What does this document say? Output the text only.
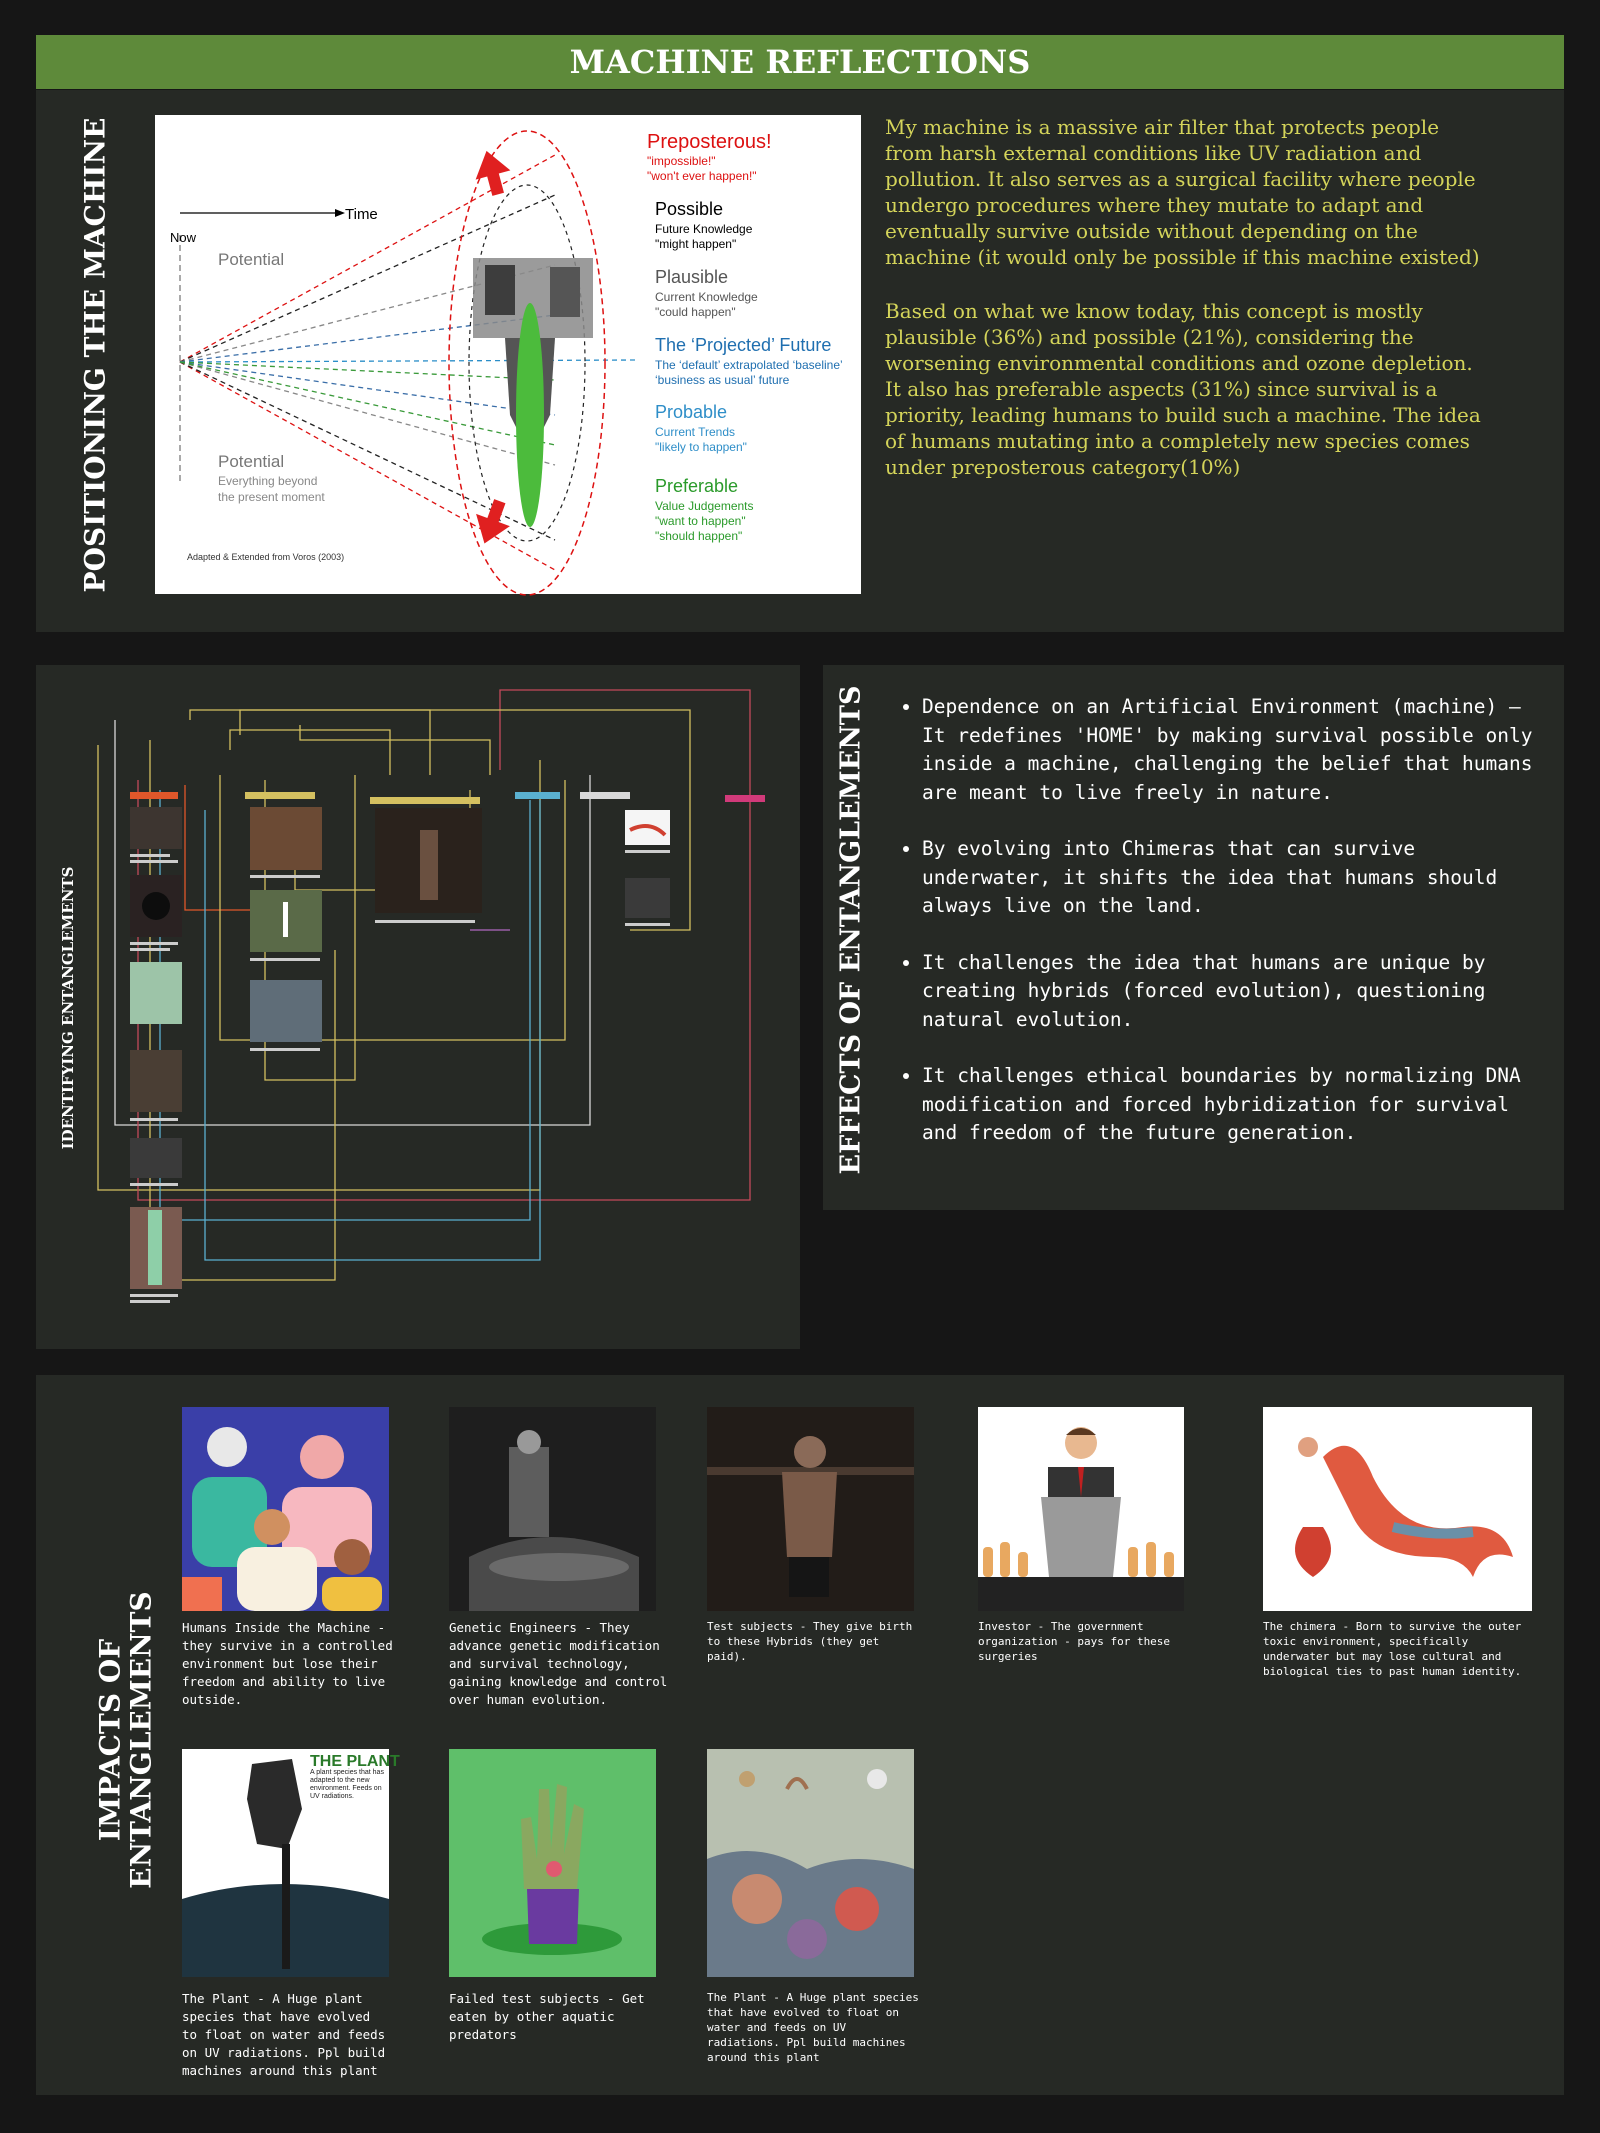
MACHINE REFLECTIONS
POSITIONING THE MACHINE	Now
Time
Potential
Potential
Everything beyond
the present moment
Preposterous!
"impossible!"
"won't ever happen!"
Possible
Future Knowledge
"might happen"
Plausible
Current Knowledge
"could happen"
The ‘Projected’ Future
The ‘default’ extrapolated ‘baseline’
‘business as usual’ future
Probable
Current Trends
"likely to happen"
Preferable
Value Judgements
"want to happen"
"should happen"
Adapted & Extended from Voros (2003)

My machine is a massive air filter that protects people from harsh external conditions like UV radiation and pollution. It also serves as a surgical facility where people undergo procedures where they mutate to adapt and eventually survive outside without depending on the machine (it would only be possible if this machine existed)

Based on what we know today, this concept is mostly plausible (36%) and possible (21%), considering the worsening environmental conditions and ozone depletion. It also has preferable aspects (31%) since survival is a priority, leading humans to build such a machine. The idea of humans mutating into a completely new species comes under preposterous category(10%)

IDENTIFYING ENTANGLEMENTS	EFFECTS OF ENTANGLEMENTS
•	Dependence on an Artificial Environment (machine) – It redefines 'HOME' by making survival possible only inside a machine, challenging the belief that humans are meant to live freely in nature.
• By evolving into Chimeras that can survive underwater, it shifts the idea that humans should always live on the land.
• It challenges the idea that humans are unique by creating hybrids (forced evolution), questioning natural evolution.
• It challenges ethical boundaries by normalizing DNA modification and forced hybridization for survival and freedom of the future generation.
IMPACTS OF
ENTANGLEMENTS Humans Inside the Machine - they survive in a controlled environment but lose their freedom and ability to live outside.
Genetic Engineers - They advance genetic modification and survival technology, gaining knowledge and control over human evolution.
Test subjects - They give birth to these Hybrids (they get paid).
Investor - The government organization - pays for these surgeries
The chimera - Born to survive the outer toxic environment, specifically underwater but may lose cultural and biological ties to past human identity.
THE PLANT
A plant species that has adapted to the new environment. Feeds on UV radiations.
The Plant - A Huge plant species that have evolved to float on water and feeds on UV radiations. Ppl build machines around this plant
Failed test subjects - Get eaten by other aquatic predators
The Plant - A Huge plant species that have evolved to float on water and feeds on UV radiations. Ppl build machines around this plant
